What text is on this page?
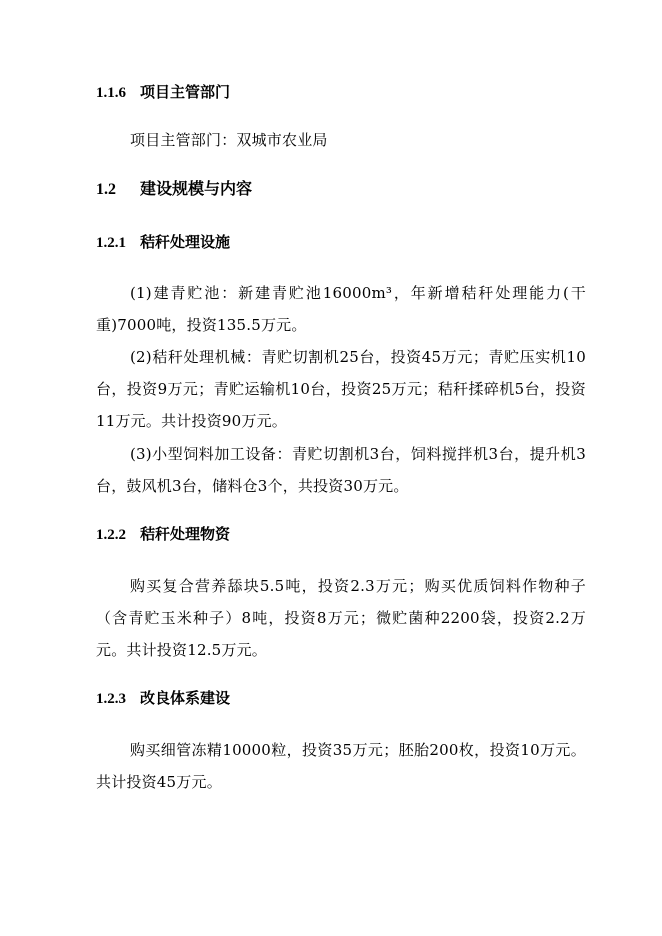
1.1.6 项目主管部门
项目主管部门：双城市农业局
1.2 建设规模与内容
1.2.1 秸秆处理设施
(1)建青贮池：新建青贮池16000m³，年新增秸秆处理能力(干重)7000吨，投资135.5万元。
(2)秸秆处理机械：青贮切割机25台，投资45万元；青贮压实机10台，投资9万元；青贮运输机10台，投资25万元；秸秆揉碎机5台，投资11万元。共计投资90万元。
(3)小型饲料加工设备：青贮切割机3台，饲料搅拌机3台，提升机3台，鼓风机3台，储料仓3个，共投资30万元。
1.2.2 秸秆处理物资
购买复合营养舔块5.5吨，投资2.3万元；购买优质饲料作物种子（含青贮玉米种子）8吨，投资8万元；微贮菌种2200袋，投资2.2万元。共计投资12.5万元。
1.2.3 改良体系建设
购买细管冻精10000粒，投资35万元；胚胎200枚，投资10万元。共计投资45万元。
